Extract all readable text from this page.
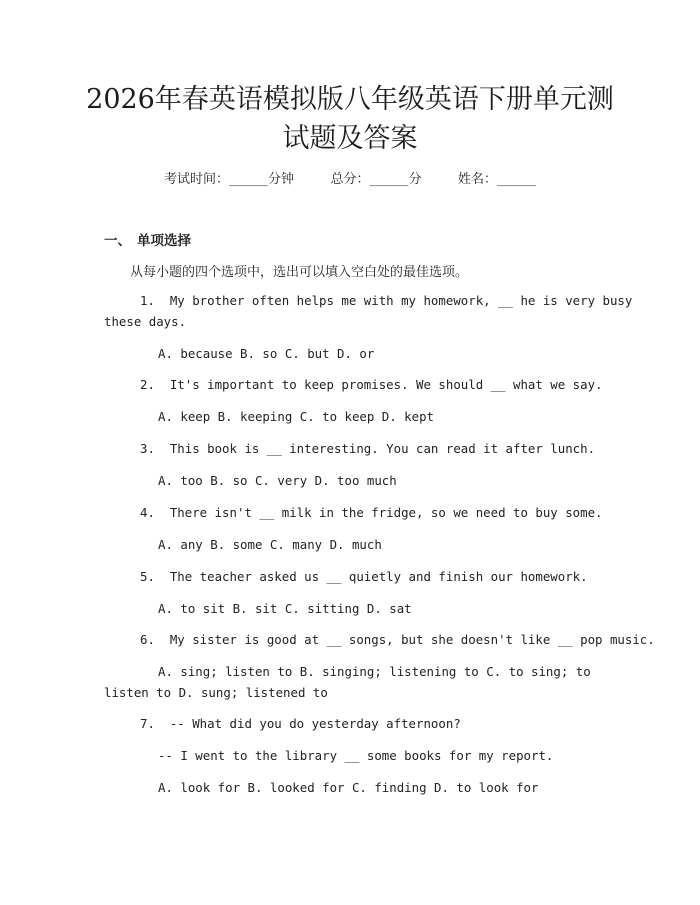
2026年春英语模拟版八年级英语下册单元测试题及答案
考试时间：______分钟	总分：______分	姓名：______
一、 单项选择
从每小题的四个选项中，选出可以填入空白处的最佳选项。
1. My brother often helps me with my homework, __ he is very busy
these days.
A. because B. so C. but D. or
2. It's important to keep promises. We should __ what we say.
A. keep B. keeping C. to keep D. kept
3. This book is __ interesting. You can read it after lunch.
A. too B. so C. very D. too much
4. There isn't __ milk in the fridge, so we need to buy some.
A. any B. some C. many D. much
5. The teacher asked us __ quietly and finish our homework.
A. to sit B. sit C. sitting D. sat
6. My sister is good at __ songs, but she doesn't like __ pop music.
A. sing; listen to B. singing; listening to C. to sing; to
listen to D. sung; listened to
7. -- What did you do yesterday afternoon?
-- I went to the library __ some books for my report.
A. look for B. looked for C. finding D. to look for
